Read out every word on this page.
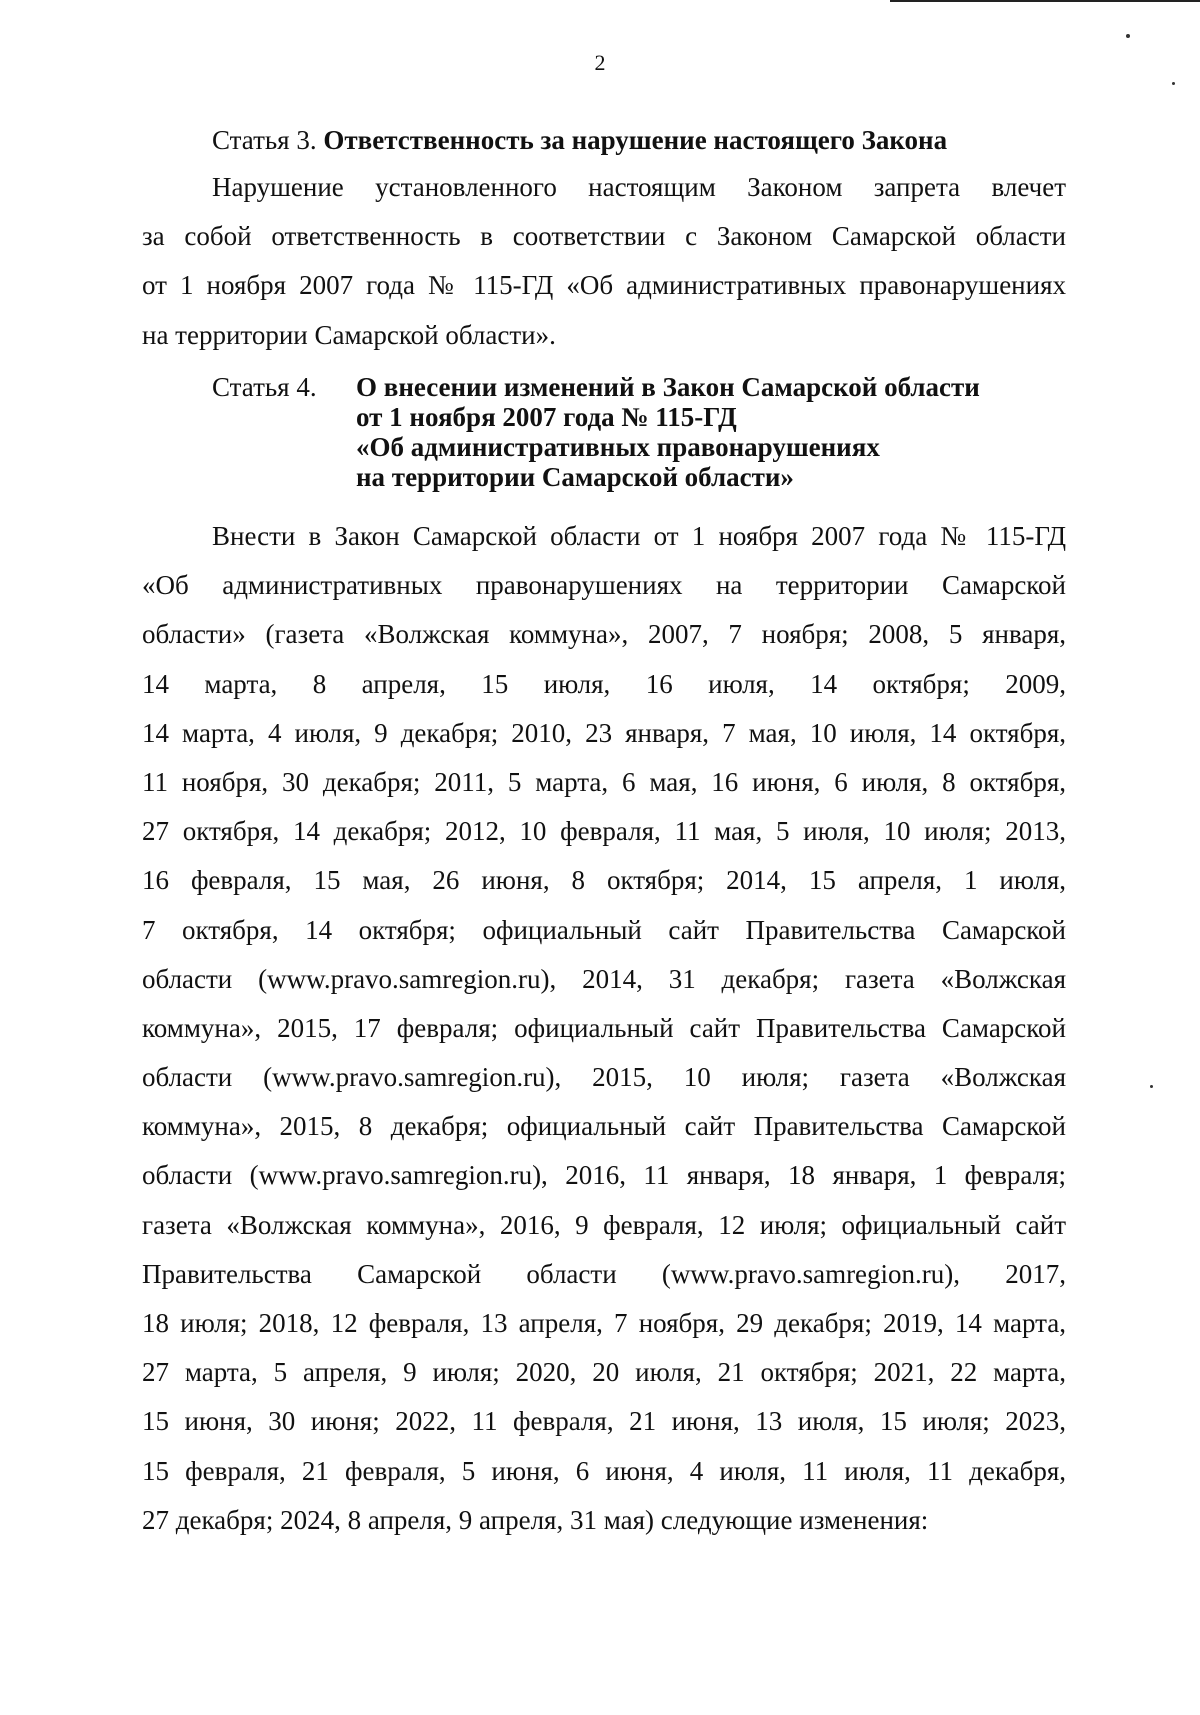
2
Статья 3. Ответственность за нарушение настоящего Закона
Нарушение установленного настоящим Законом запрета влечет
за собой ответственность в соответствии с Законом Самарской области
от 1 ноября 2007 года № 115-ГД «Об административных правонарушениях
на территории Самарской области».
Статья 4. О внесении изменений в Закон Самарской области
от 1 ноября 2007 года № 115-ГД
«Об административных правонарушениях
на территории Самарской области»
Внести в Закон Самарской области от 1 ноября 2007 года № 115-ГД
«Об административных правонарушениях на территории Самарской
области» (газета «Волжская коммуна», 2007, 7 ноября; 2008, 5 января,
14 марта, 8 апреля, 15 июля, 16 июля, 14 октября; 2009,
14 марта, 4 июля, 9 декабря; 2010, 23 января, 7 мая, 10 июля, 14 октября,
11 ноября, 30 декабря; 2011, 5 марта, 6 мая, 16 июня, 6 июля, 8 октября,
27 октября, 14 декабря; 2012, 10 февраля, 11 мая, 5 июля, 10 июля; 2013,
16 февраля, 15 мая, 26 июня, 8 октября; 2014, 15 апреля, 1 июля,
7 октября, 14 октября; официальный сайт Правительства Самарской
области (www.pravo.samregion.ru), 2014, 31 декабря; газета «Волжская
коммуна», 2015, 17 февраля; официальный сайт Правительства Самарской
области (www.pravo.samregion.ru), 2015, 10 июля; газета «Волжская
коммуна», 2015, 8 декабря; официальный сайт Правительства Самарской
области (www.pravo.samregion.ru), 2016, 11 января, 18 января, 1 февраля;
газета «Волжская коммуна», 2016, 9 февраля, 12 июля; официальный сайт
Правительства Самарской области (www.pravo.samregion.ru), 2017,
18 июля; 2018, 12 февраля, 13 апреля, 7 ноября, 29 декабря; 2019, 14 марта,
27 марта, 5 апреля, 9 июля; 2020, 20 июля, 21 октября; 2021, 22 марта,
15 июня, 30 июня; 2022, 11 февраля, 21 июня, 13 июля, 15 июля; 2023,
15 февраля, 21 февраля, 5 июня, 6 июня, 4 июля, 11 июля, 11 декабря,
27 декабря; 2024, 8 апреля, 9 апреля, 31 мая) следующие изменения:
